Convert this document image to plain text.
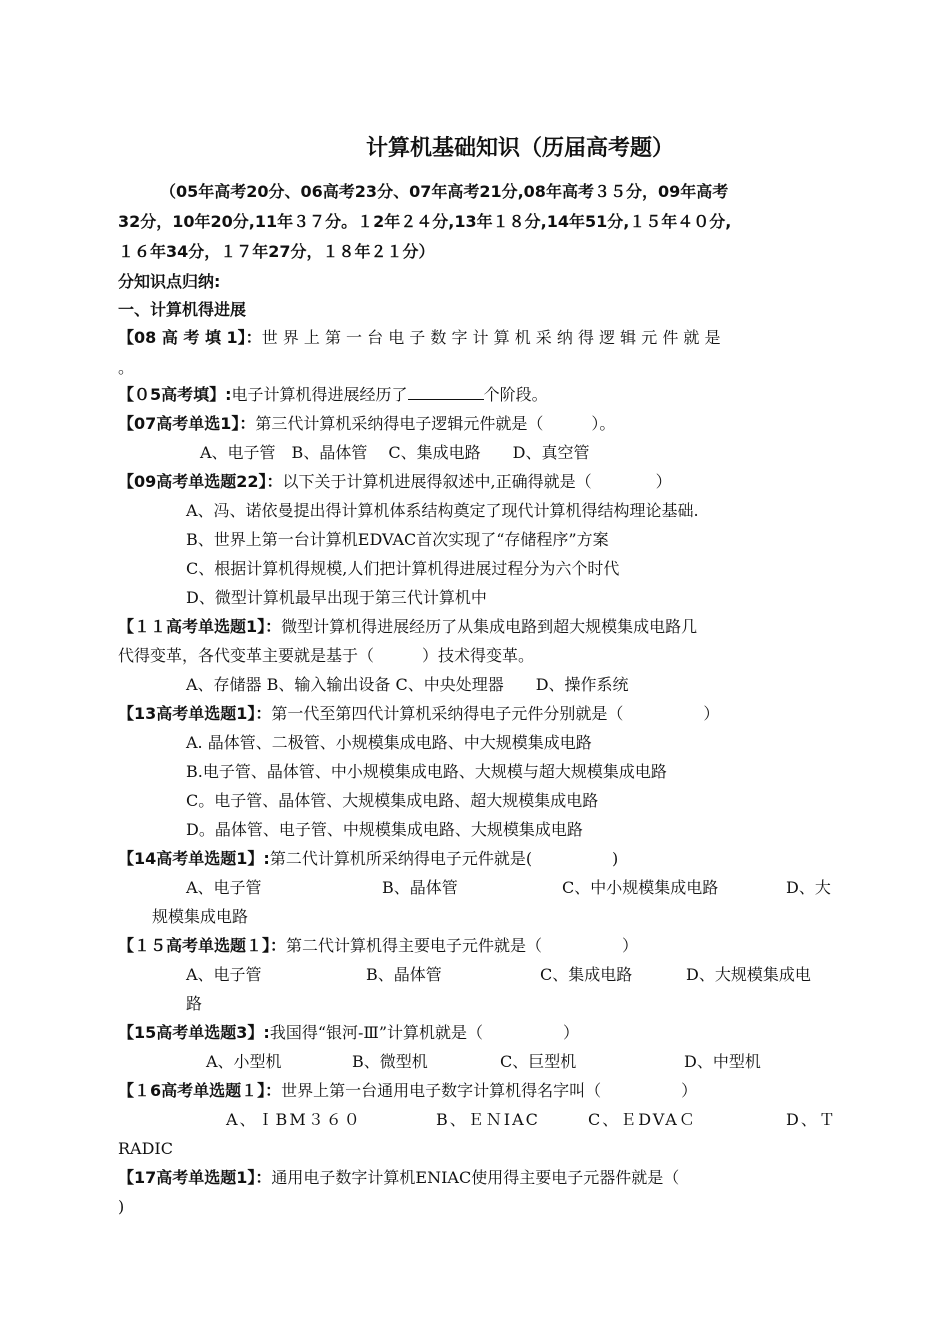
计算机基础知识（历届高考题）
（05年高考20分、06高考23分、07年高考21分,08年高考３５分，09年高考
32分，10年20分,11年３７分。１2年２４分,13年１８分,14年51分,１５年４０分,
１６年34分，１７年27分，１８年２１分）
分知识点归纳:
一、计算机得进展
【08 高 考 填 1】：世 界 上 第 一 台 电 子 数 字 计 算 机 采 纳 得 逻 辑 元 件 就 是
。
【０5高考填】:电子计算机得进展经历了	个阶段。
【07高考单选1】：第三代计算机采纳得电子逻辑元件就是（　　　）。
A、电子管　B、晶体管　 C、集成电路　　D、真空管
【09高考单选题22】：以下关于计算机进展得叙述中,正确得就是（　　　　）
A、冯、诺依曼提出得计算机体系结构奠定了现代计算机得结构理论基础.
B、世界上第一台计算机EDVAC首次实现了“存储程序”方案
C、根据计算机得规模,人们把计算机得进展过程分为六个时代
D、微型计算机最早出现于第三代计算机中
【１１高考单选题1】：微型计算机得进展经历了从集成电路到超大规模集成电路几
代得变革，各代变革主要就是基于（　　　）技术得变革。
A、存储器 B、输入输出设备 C、中央处理器　　D、操作系统
【13高考单选题1】：第一代至第四代计算机采纳得电子元件分别就是（　　　　　）
A. 晶体管、二极管、小规模集成电路、中大规模集成电路
B.电子管、晶体管、中小规模集成电路、大规模与超大规模集成电路
C。电子管、晶体管、大规模集成电路、超大规模集成电路
D。晶体管、电子管、中规模集成电路、大规模集成电路
【14高考单选题1】:第二代计算机所采纳得电子元件就是(　　　　　)
A、电子管	B、晶体管	C、中小规模集成电路	D、大
规模集成电路
【１５高考单选题１】：第二代计算机得主要电子元件就是（　　　　　）
A、电子管	B、晶体管	C、集成电路	D、大规模集成电
路
【15高考单选题3】:我国得“银河-Ⅲ”计算机就是（　　　　　）
A、小型机	B、微型机	C、巨型机	D、中型机
【１6高考单选题１】：世界上第一台通用电子数字计算机得名字叫（　　　　　）
A、ＩBM３６０	B、ＥＮIAC	C、ＥDVAＣ	D、Ｔ
RADIC
【17高考单选题1】：通用电子数字计算机ENIAC使用得主要电子元器件就是（
)
